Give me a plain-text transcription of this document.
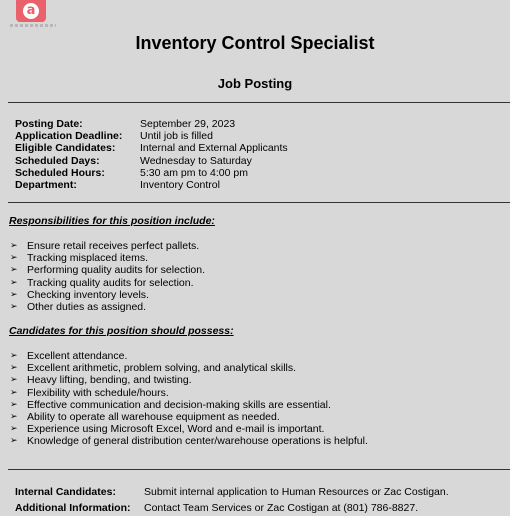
a
Inventory Control Specialist
Job Posting
Posting Date:	September 29, 2023
Application Deadline:	Until job is filled
Eligible Candidates:	Internal and External Applicants
Scheduled Days:	Wednesday to Saturday
Scheduled Hours:	5:30 am pm to 4:00 pm
Department:	Inventory Control
Responsibilities for this position include:
➢ Ensure retail receives perfect pallets.
➢ Tracking misplaced items.
➢ Performing quality audits for selection.
➢ Tracking quality audits for selection.
➢ Checking inventory levels.
➢ Other duties as assigned.
Candidates for this position should possess:
➢ Excellent attendance.
➢ Excellent arithmetic, problem solving, and analytical skills.
➢ Heavy lifting, bending, and twisting.
➢ Flexibility with schedule/hours.
➢ Effective communication and decision-making skills are essential.
➢ Ability to operate all warehouse equipment as needed.
➢ Experience using Microsoft Excel, Word and e-mail is important.
➢ Knowledge of general distribution center/warehouse operations is helpful.
Internal Candidates:	Submit internal application to Human Resources or Zac Costigan.
Additional Information:	Contact Team Services or Zac Costigan at (801) 786-8827.
